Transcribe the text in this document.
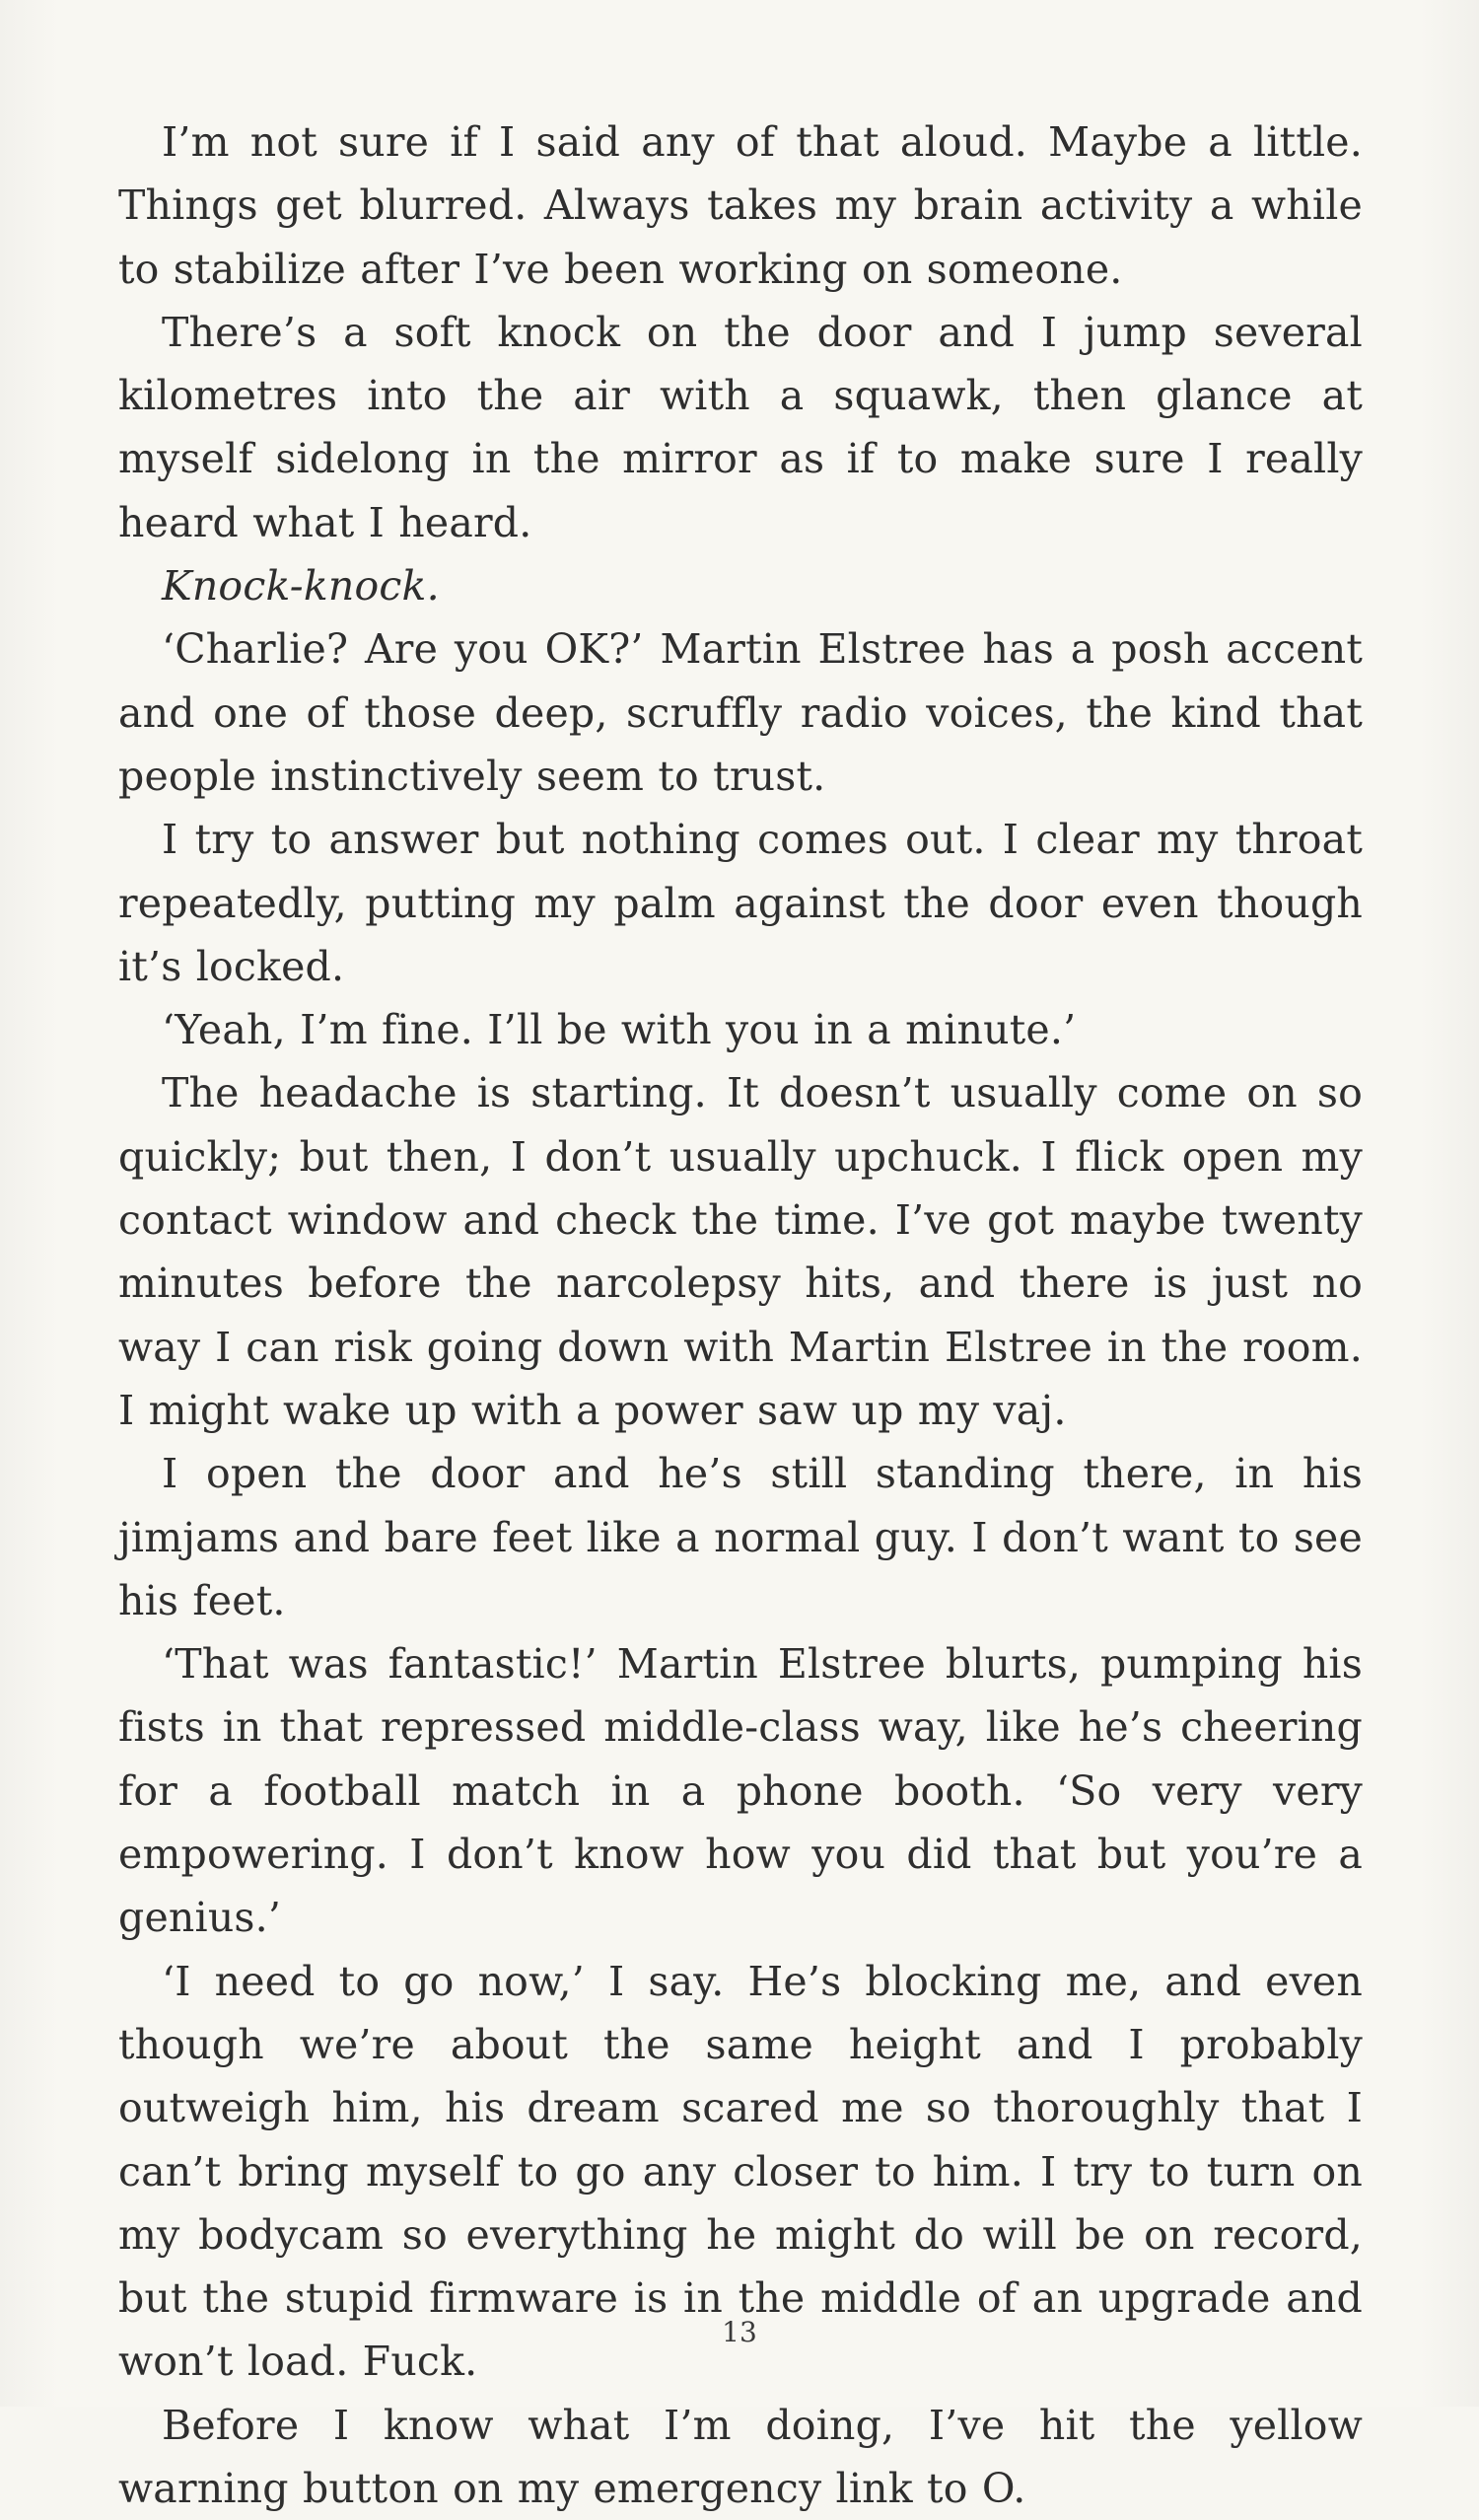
I’m not sure if I said any of that aloud. Maybe a little. Things get blurred. Always takes my brain activity a while to stabilize after I’ve been working on someone.

There’s a soft knock on the door and I jump several kilometres into the air with a squawk, then glance at myself sidelong in the mirror as if to make sure I really heard what I heard.

Knock-knock.

‘Charlie? Are you OK?’ Martin Elstree has a posh accent and one of those deep, scruffly radio voices, the kind that people instinctively seem to trust.

I try to answer but nothing comes out. I clear my throat repeatedly, putting my palm against the door even though it’s locked.

‘Yeah, I’m fine. I’ll be with you in a minute.’

The headache is starting. It doesn’t usually come on so quickly; but then, I don’t usually upchuck. I flick open my contact window and check the time. I’ve got maybe twenty minutes before the narcolepsy hits, and there is just no way I can risk going down with Martin Elstree in the room. I might wake up with a power saw up my vaj.

I open the door and he’s still standing there, in his jimjams and bare feet like a normal guy. I don’t want to see his feet.

‘That was fantastic!’ Martin Elstree blurts, pumping his fists in that repressed middle-class way, like he’s cheering for a football match in a phone booth. ‘So very very empowering. I don’t know how you did that but you’re a genius.’

‘I need to go now,’ I say. He’s blocking me, and even though we’re about the same height and I probably outweigh him, his dream scared me so thoroughly that I can’t bring myself to go any closer to him. I try to turn on my bodycam so everything he might do will be on record, but the stupid firmware is in the middle of an upgrade and won’t load. Fuck.

Before I know what I’m doing, I’ve hit the yellow warning button on my emergency link to O.

13
